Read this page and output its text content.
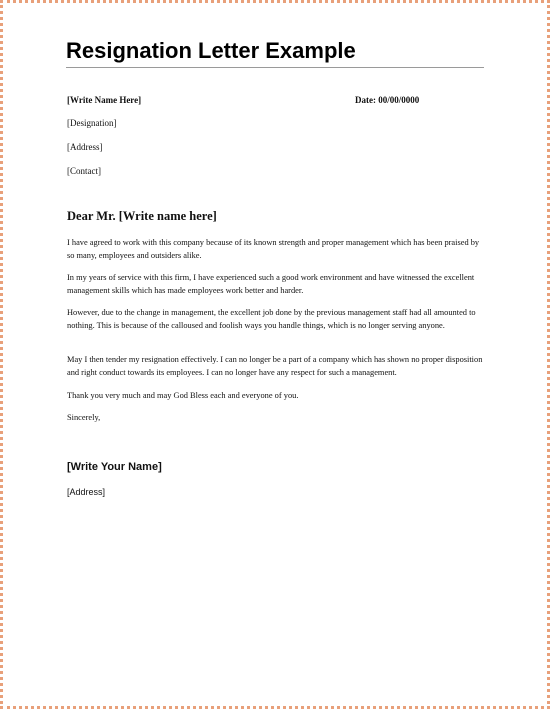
Resignation Letter Example
[Write Name Here]	Date: 00/00/0000
[Designation]
[Address]
[Contact]
Dear Mr. [Write name here]

I have agreed to work with this company because of its known strength and proper management which has been praised by so many, employees and outsiders alike.

In my years of service with this firm, I have experienced such a good work environment and have witnessed the excellent management skills which has made employees work better and harder.

However, due to the change in management, the excellent job done by the previous management staff had all amounted to nothing. This is because of the calloused and foolish ways you handle things, which is no longer serving anyone.

May I then tender my resignation effectively. I can no longer be a part of a company which has shown no proper disposition and right conduct towards its employees. I can no longer have any respect for such a management.

Thank you very much and may God Bless each and everyone of you.

Sincerely,
[Write Your Name]
[Address]
